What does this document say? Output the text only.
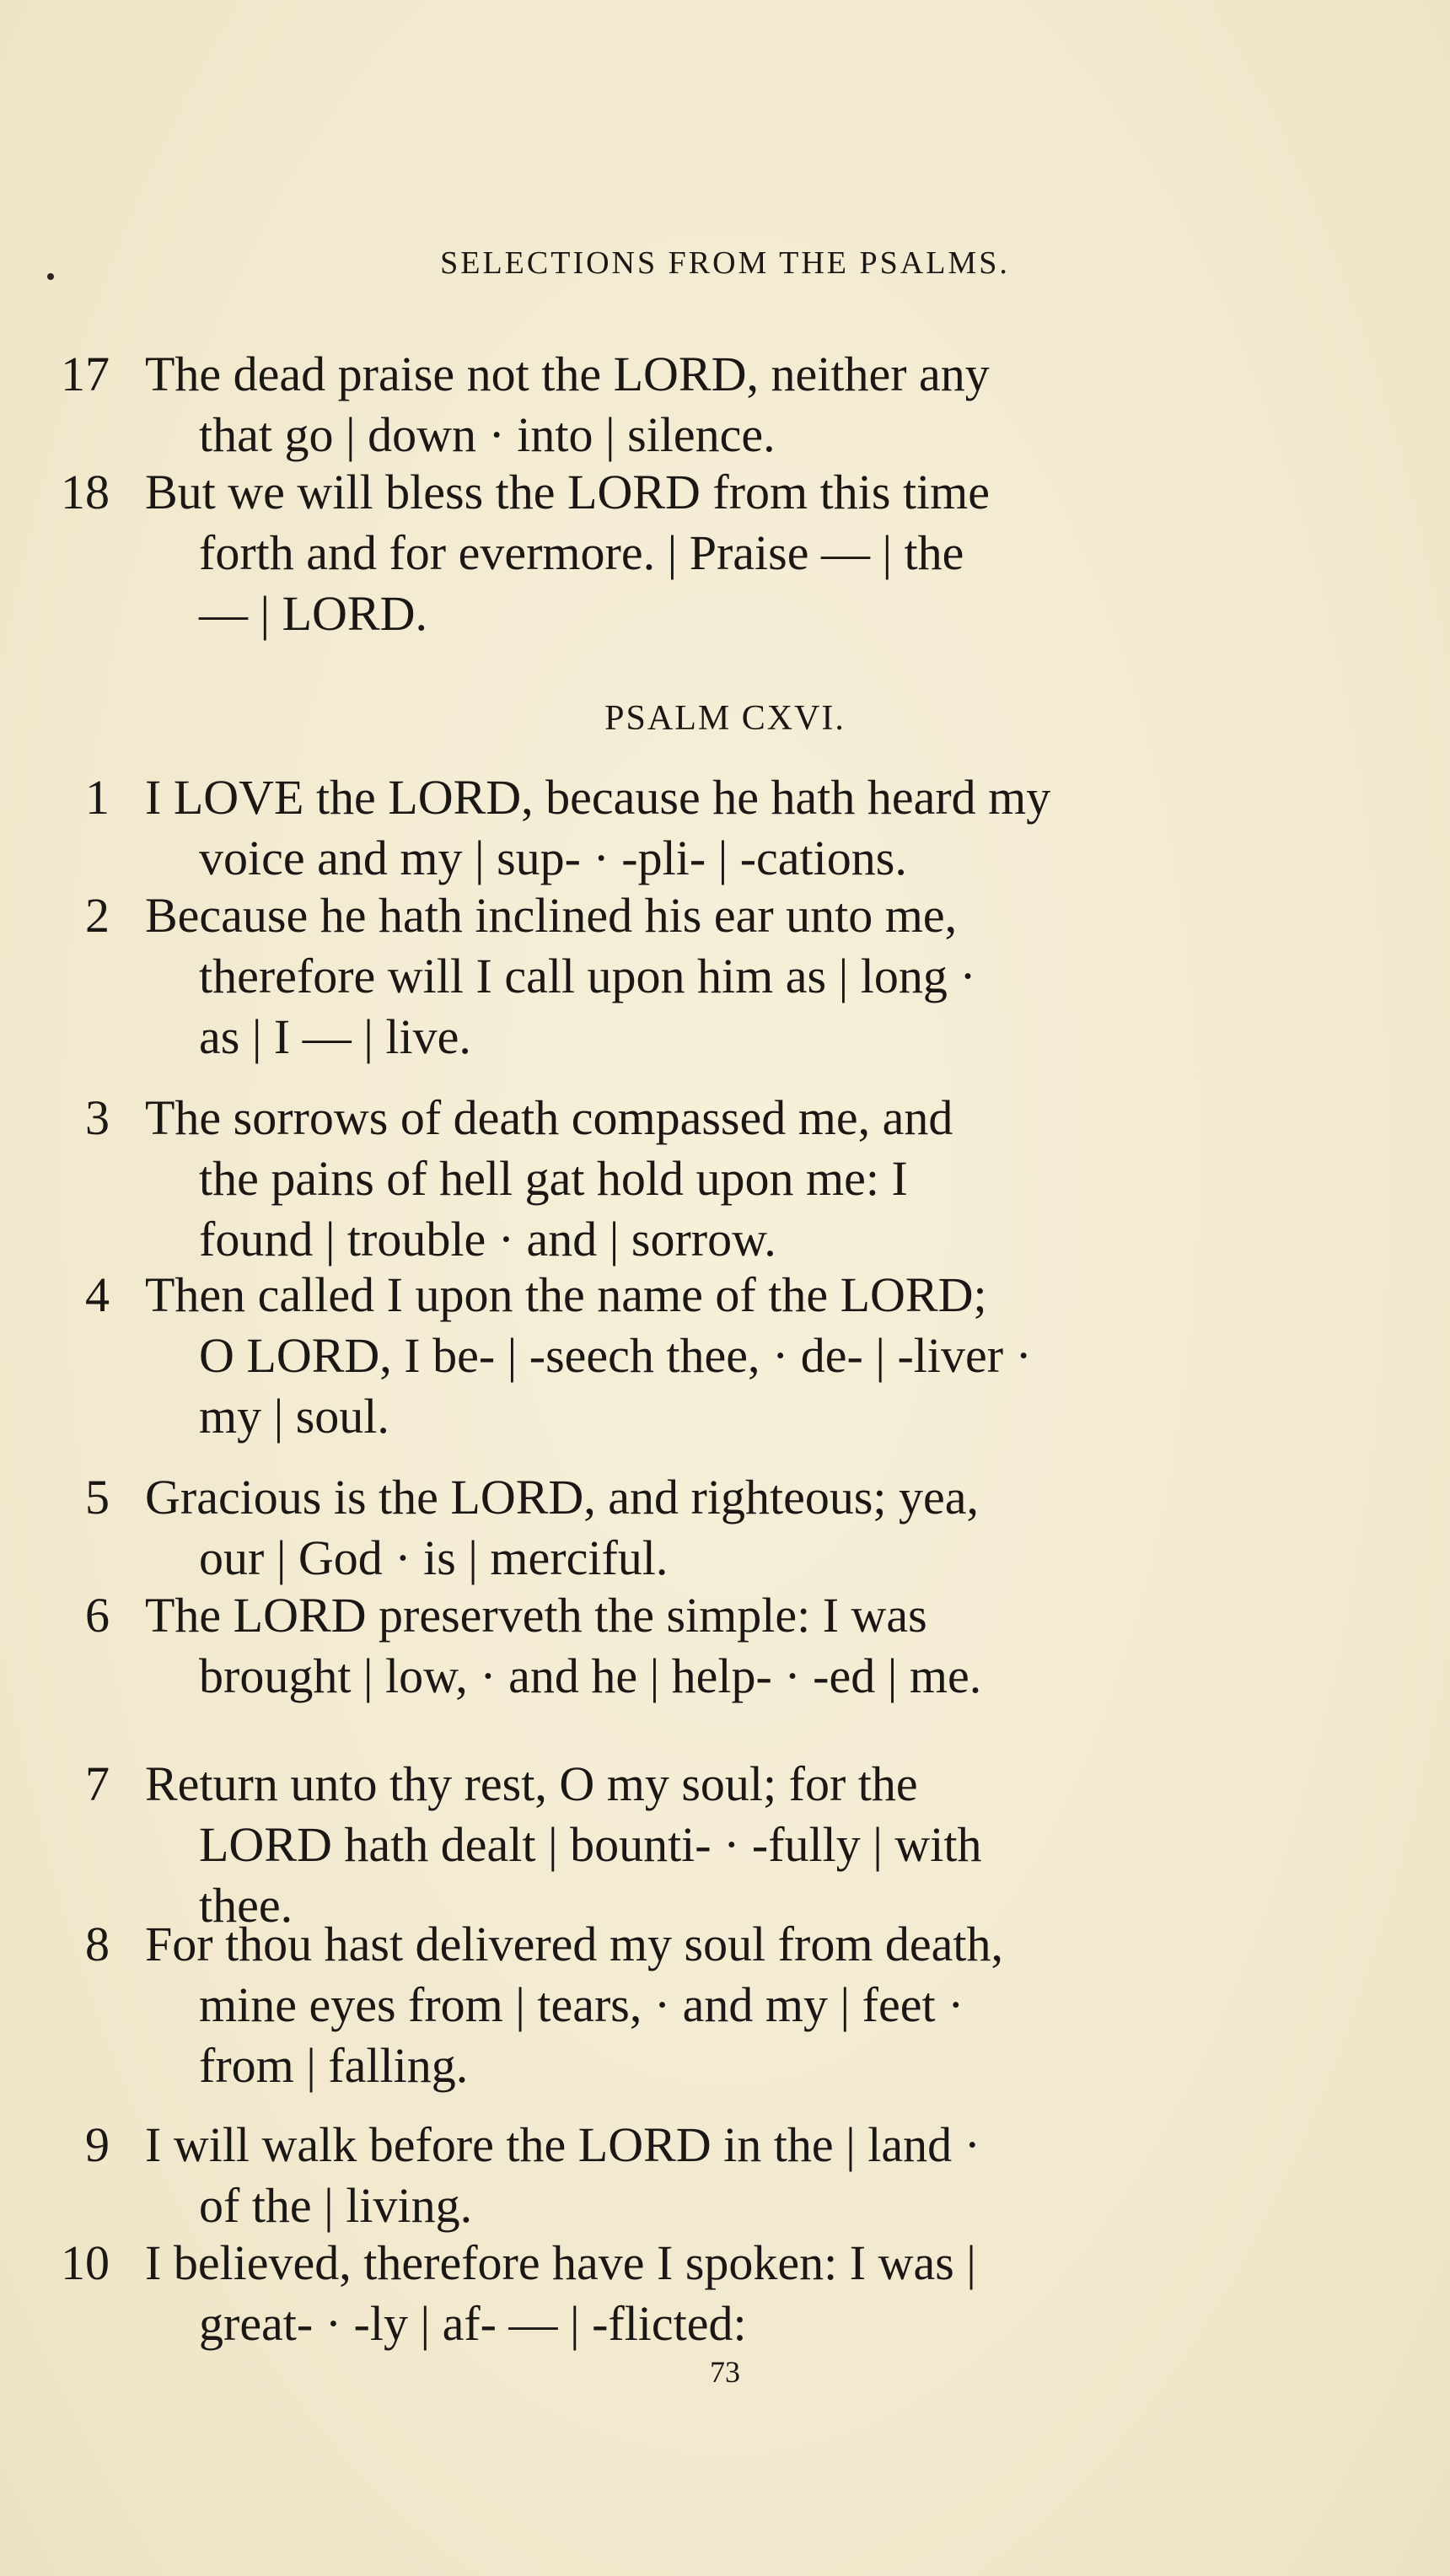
SELECTIONS FROM THE PSALMS.
PSALM CXVI.
17 The dead praise not the LORD, neither any
that go | down · into | silence.
18 But we will bless the LORD from this time
forth and for evermore. | Praise — | the
— | LORD.
1 I LOVE the LORD, because he hath heard my
voice and my | sup- · -pli- | -cations.
2 Because he hath inclined his ear unto me,
therefore will I call upon him as | long ·
as | I — | live.
3 The sorrows of death compassed me, and
the pains of hell gat hold upon me: I
found | trouble · and | sorrow.
4 Then called I upon the name of the LORD;
O LORD, I be- | -seech thee, · de- | -liver ·
my | soul.
5 Gracious is the LORD, and righteous; yea,
our | God · is | merciful.
6 The LORD preserveth the simple: I was
brought | low, · and he | help- · -ed | me.
7 Return unto thy rest, O my soul; for the
LORD hath dealt | bounti- · -fully | with
thee.
8 For thou hast delivered my soul from death,
mine eyes from | tears, · and my | feet ·
from | falling.
9 I will walk before the LORD in the | land ·
of the | living.
10 I believed, therefore have I spoken: I was |
great- · -ly | af- — | -flicted:
73
